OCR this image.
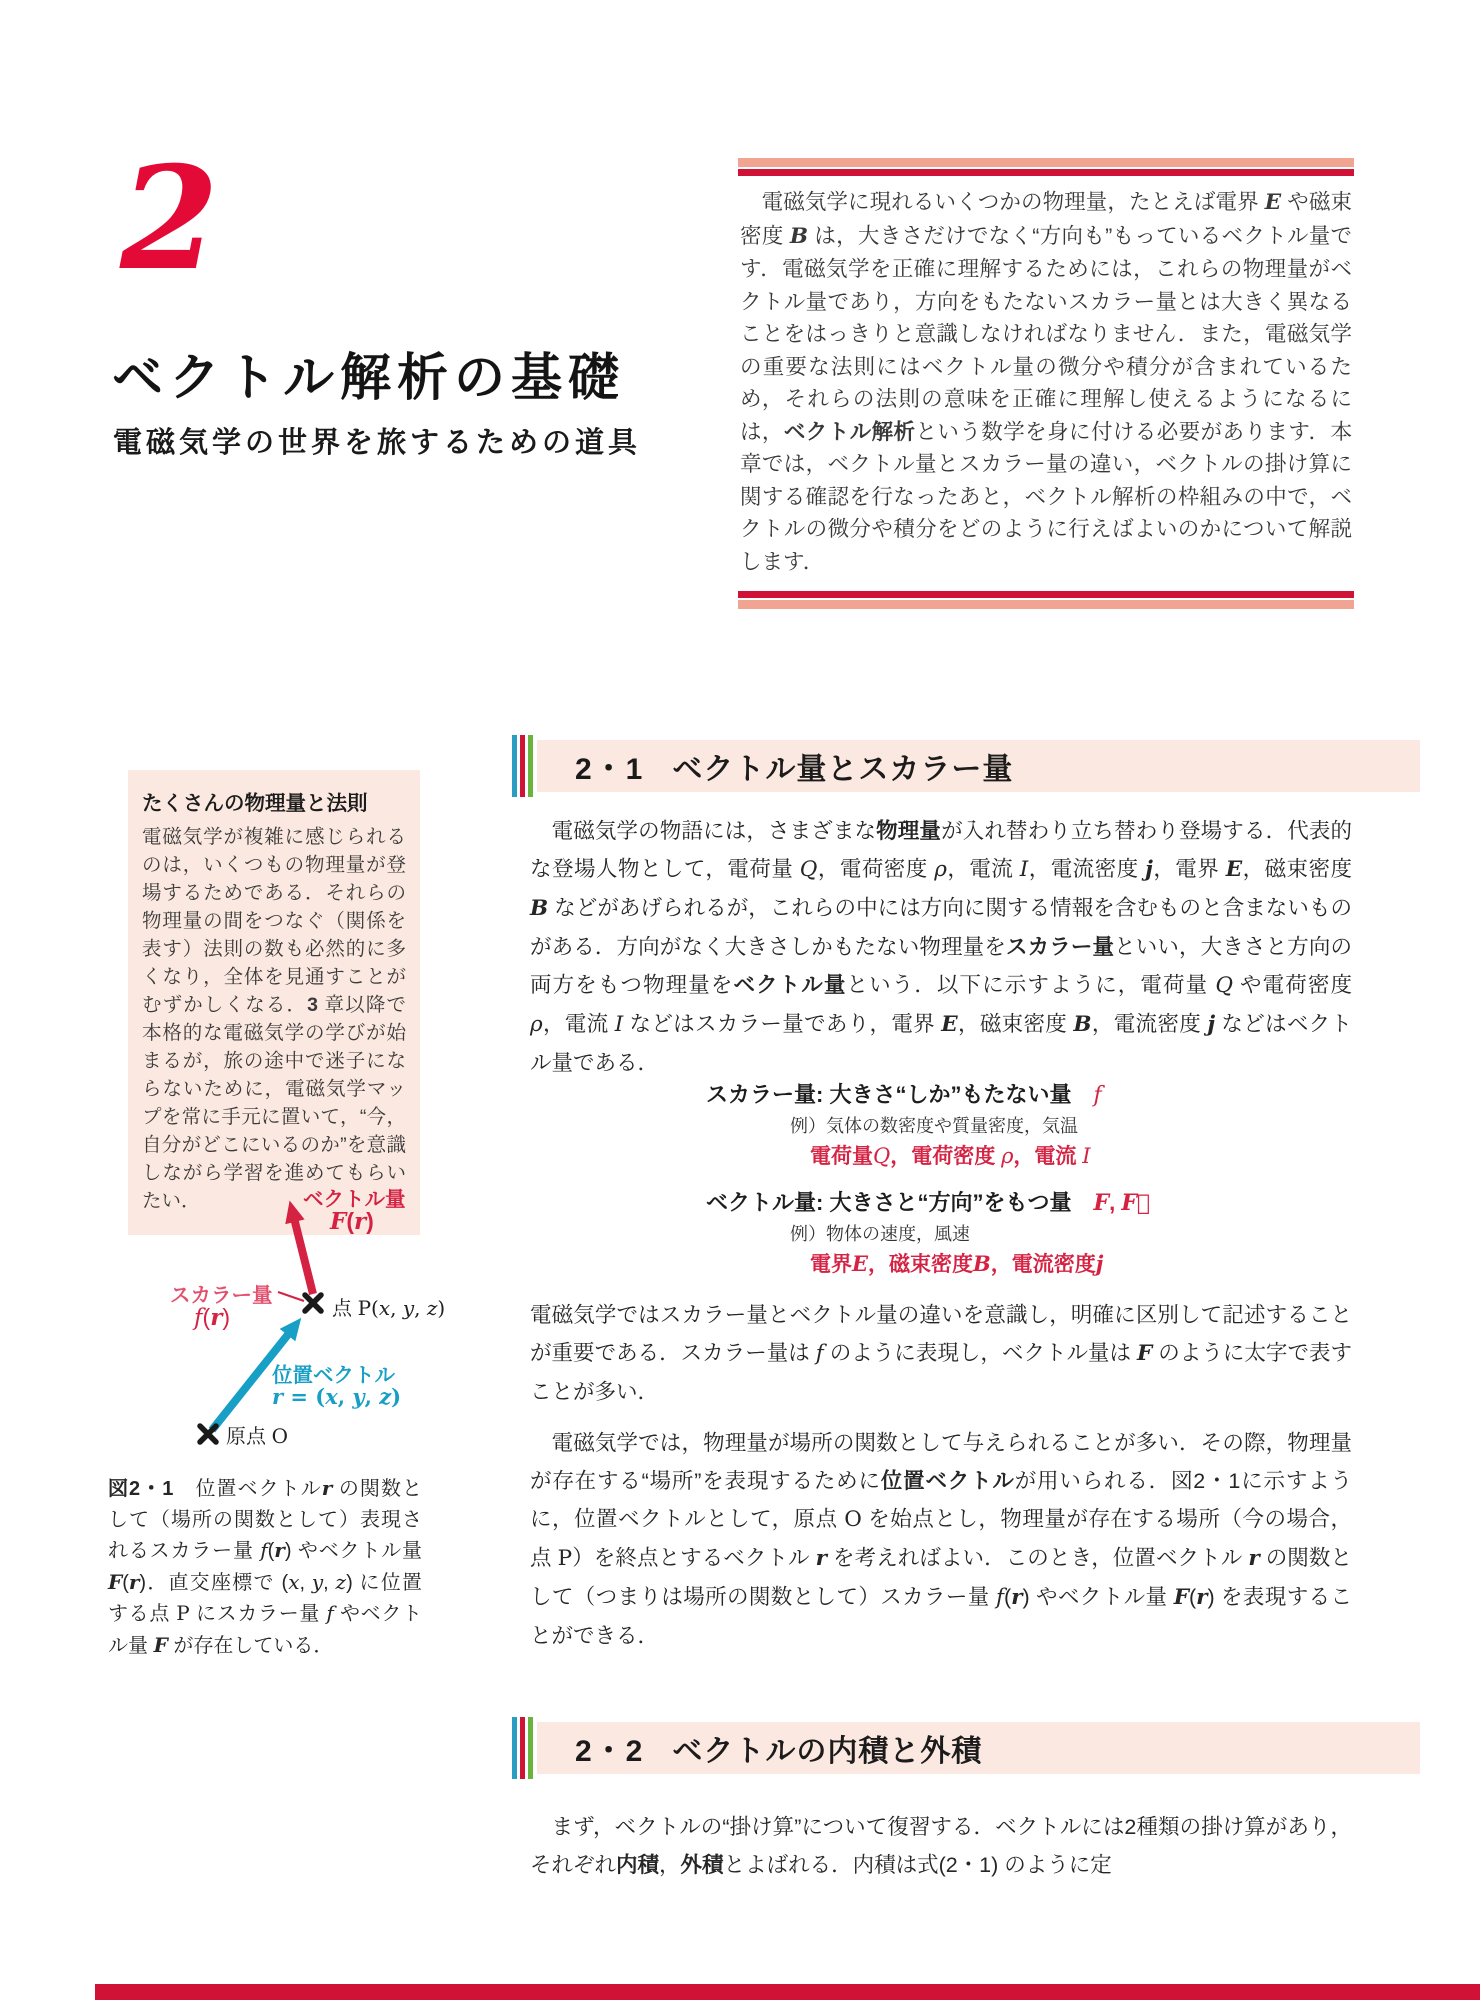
2
ベクトル解析の基礎
電磁気学の世界を旅するための道具

　電磁気学に現れるいくつかの物理量，たとえば電界 E や磁束密度 B は，大きさだけでなく“方向も”もっているベクトル量です．電磁気学を正確に理解するためには，これらの物理量がベクトル量であり，方向をもたないスカラー量とは大きく異なることをはっきりと意識しなければなりません．また，電磁気学の重要な法則にはベクトル量の微分や積分が含まれているため，それらの法則の意味を正確に理解し使えるようになるには，ベクトル解析という数学を身に付ける必要があります．本章では，ベクトル量とスカラー量の違い，ベクトルの掛け算に関する確認を行なったあと，ベクトル解析の枠組みの中で，ベクトルの微分や積分をどのように行えばよいのかについて解説します．

たくさんの物理量と法則

電磁気学が複雑に感じられるのは，いくつもの物理量が登場するためである．それらの物理量の間をつなぐ（関係を表す）法則の数も必然的に多くなり，全体を見通すことがむずかしくなる．3 章以降で本格的な電磁気学の学びが始まるが，旅の途中で迷子にならないために，電磁気学マップを常に手元に置いて，“今，自分がどこにいるのか”を意識しながら学習を進めてもらいたい．

2・1 ベクトル量とスカラー量

　電磁気学の物語には，さまざまな物理量が入れ替わり立ち替わり登場する．代表的な登場人物として，電荷量 Q，電荷密度 ρ，電流 I，電流密度 j，電界 E，磁束密度 B などがあげられるが，これらの中には方向に関する情報を含むものと含まないものがある．方向がなく大きさしかもたない物理量をスカラー量といい，大きさと方向の両方をもつ物理量をベクトル量という．以下に示すように，電荷量 Q や電荷密度 ρ，電流 I などはスカラー量であり，電界 E，磁束密度 B，電流密度 j などはベクトル量である．

スカラー量: 大きさ“しか”もたない量　f
例）気体の数密度や質量密度，気温
電荷量Q，電荷密度 ρ，電流 I
ベクトル量: 大きさと“方向”をもつ量　F, F⃗
例）物体の速度，風速
電界E，磁束密度B，電流密度j

電磁気学ではスカラー量とベクトル量の違いを意識し，明確に区別して記述することが重要である．スカラー量は f のように表現し，ベクトル量は F のように太字で表すことが多い．

　電磁気学では，物理量が場所の関数として与えられることが多い．その際，物理量が存在する“場所”を表現するために位置ベクトルが用いられる．図2・1に示すように，位置ベクトルとして，原点 O を始点とし，物理量が存在する場所（今の場合，点 P）を終点とするベクトル r を考えればよい．このとき，位置ベクトル r の関数として（つまりは場所の関数として）スカラー量 f(r) やベクトル量 F(r) を表現することができる．

ベクトル量
F(r)
スカラー量
f(r)	点 P(x, y, z)
位置ベクトル
r = (x, y, z)
原点 O

図2・1　位置ベクトルr の関数として（場所の関数として）表現されるスカラー量 f(r) やベクトル量 F(r)．直交座標で (x, y, z) に位置する点 P にスカラー量 f やベクトル量 F が存在している．

2・2 ベクトルの内積と外積

　まず，ベクトルの“掛け算”について復習する．ベクトルには2種類の掛け算があり，それぞれ内積，外積とよばれる．内積は式(2・1) のように定
